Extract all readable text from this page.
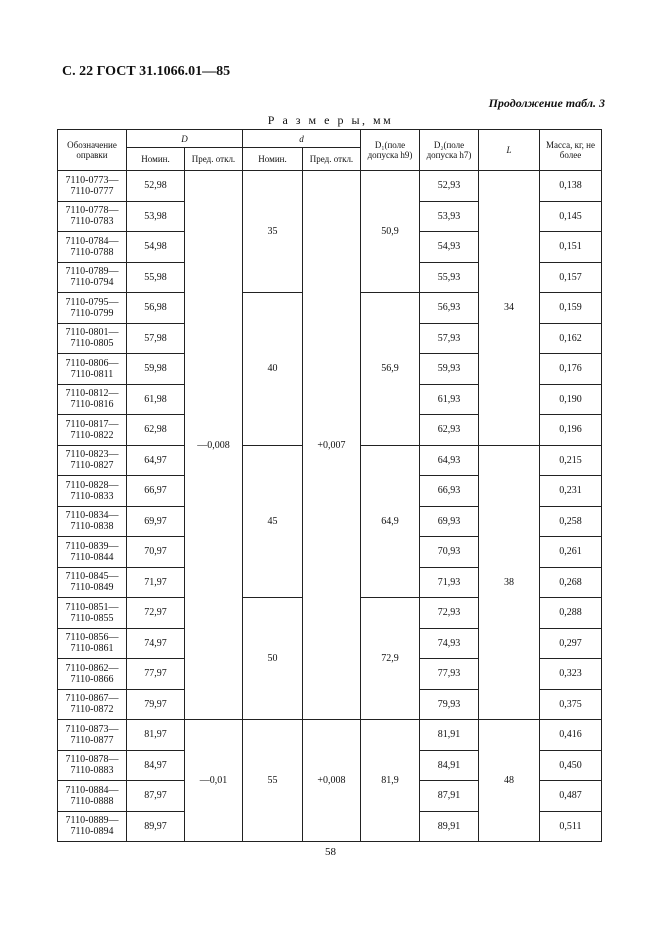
С. 22 ГОСТ 31.1066.01—85
Продолжение табл. 3
Р а з м е р ы, мм
Обозначение оправки	D		d		D₁(поле допуска h9)	D₂(поле допуска h7)	L	Масса, кг, не более
	Номин.	Пред. откл.	Номин.	Пред. откл.				

7110-0773—
7110-0777	52,98	—0,008	35	+0,007	50,9	52,93	34	0,138

7110-0778—
7110-0783	53,98					53,93		0,145

7110-0784—
7110-0788	54,98					54,93		0,151

7110-0789—
7110-0794	55,98					55,93		0,157

7110-0795—
7110-0799	56,98		40		56,9	56,93		0,159

7110-0801—
7110-0805	57,98					57,93		0,162

7110-0806—
7110-0811	59,98					59,93		0,176

7110-0812—
7110-0816	61,98					61,93		0,190

7110-0817—
7110-0822	62,98					62,93		0,196

7110-0823—
7110-0827	64,97		45		64,9	64,93	38	0,215

7110-0828—
7110-0833	66,97					66,93		0,231

7110-0834—
7110-0838	69,97					69,93		0,258

7110-0839—
7110-0844	70,97					70,93		0,261

7110-0845—
7110-0849	71,97					71,93		0,268

7110-0851—
7110-0855	72,97		50		72,9	72,93		0,288

7110-0856—
7110-0861	74,97					74,93		0,297

7110-0862—
7110-0866	77,97					77,93		0,323

7110-0867—
7110-0872	79,97					79,93		0,375

7110-0873—
7110-0877	81,97	—0,01	55	+0,008	81,9	81,91	48	0,416

7110-0878—
7110-0883	84,97					84,91		0,450

7110-0884—
7110-0888	87,97					87,91		0,487

7110-0889—
7110-0894	89,97					89,91		0,511
58
